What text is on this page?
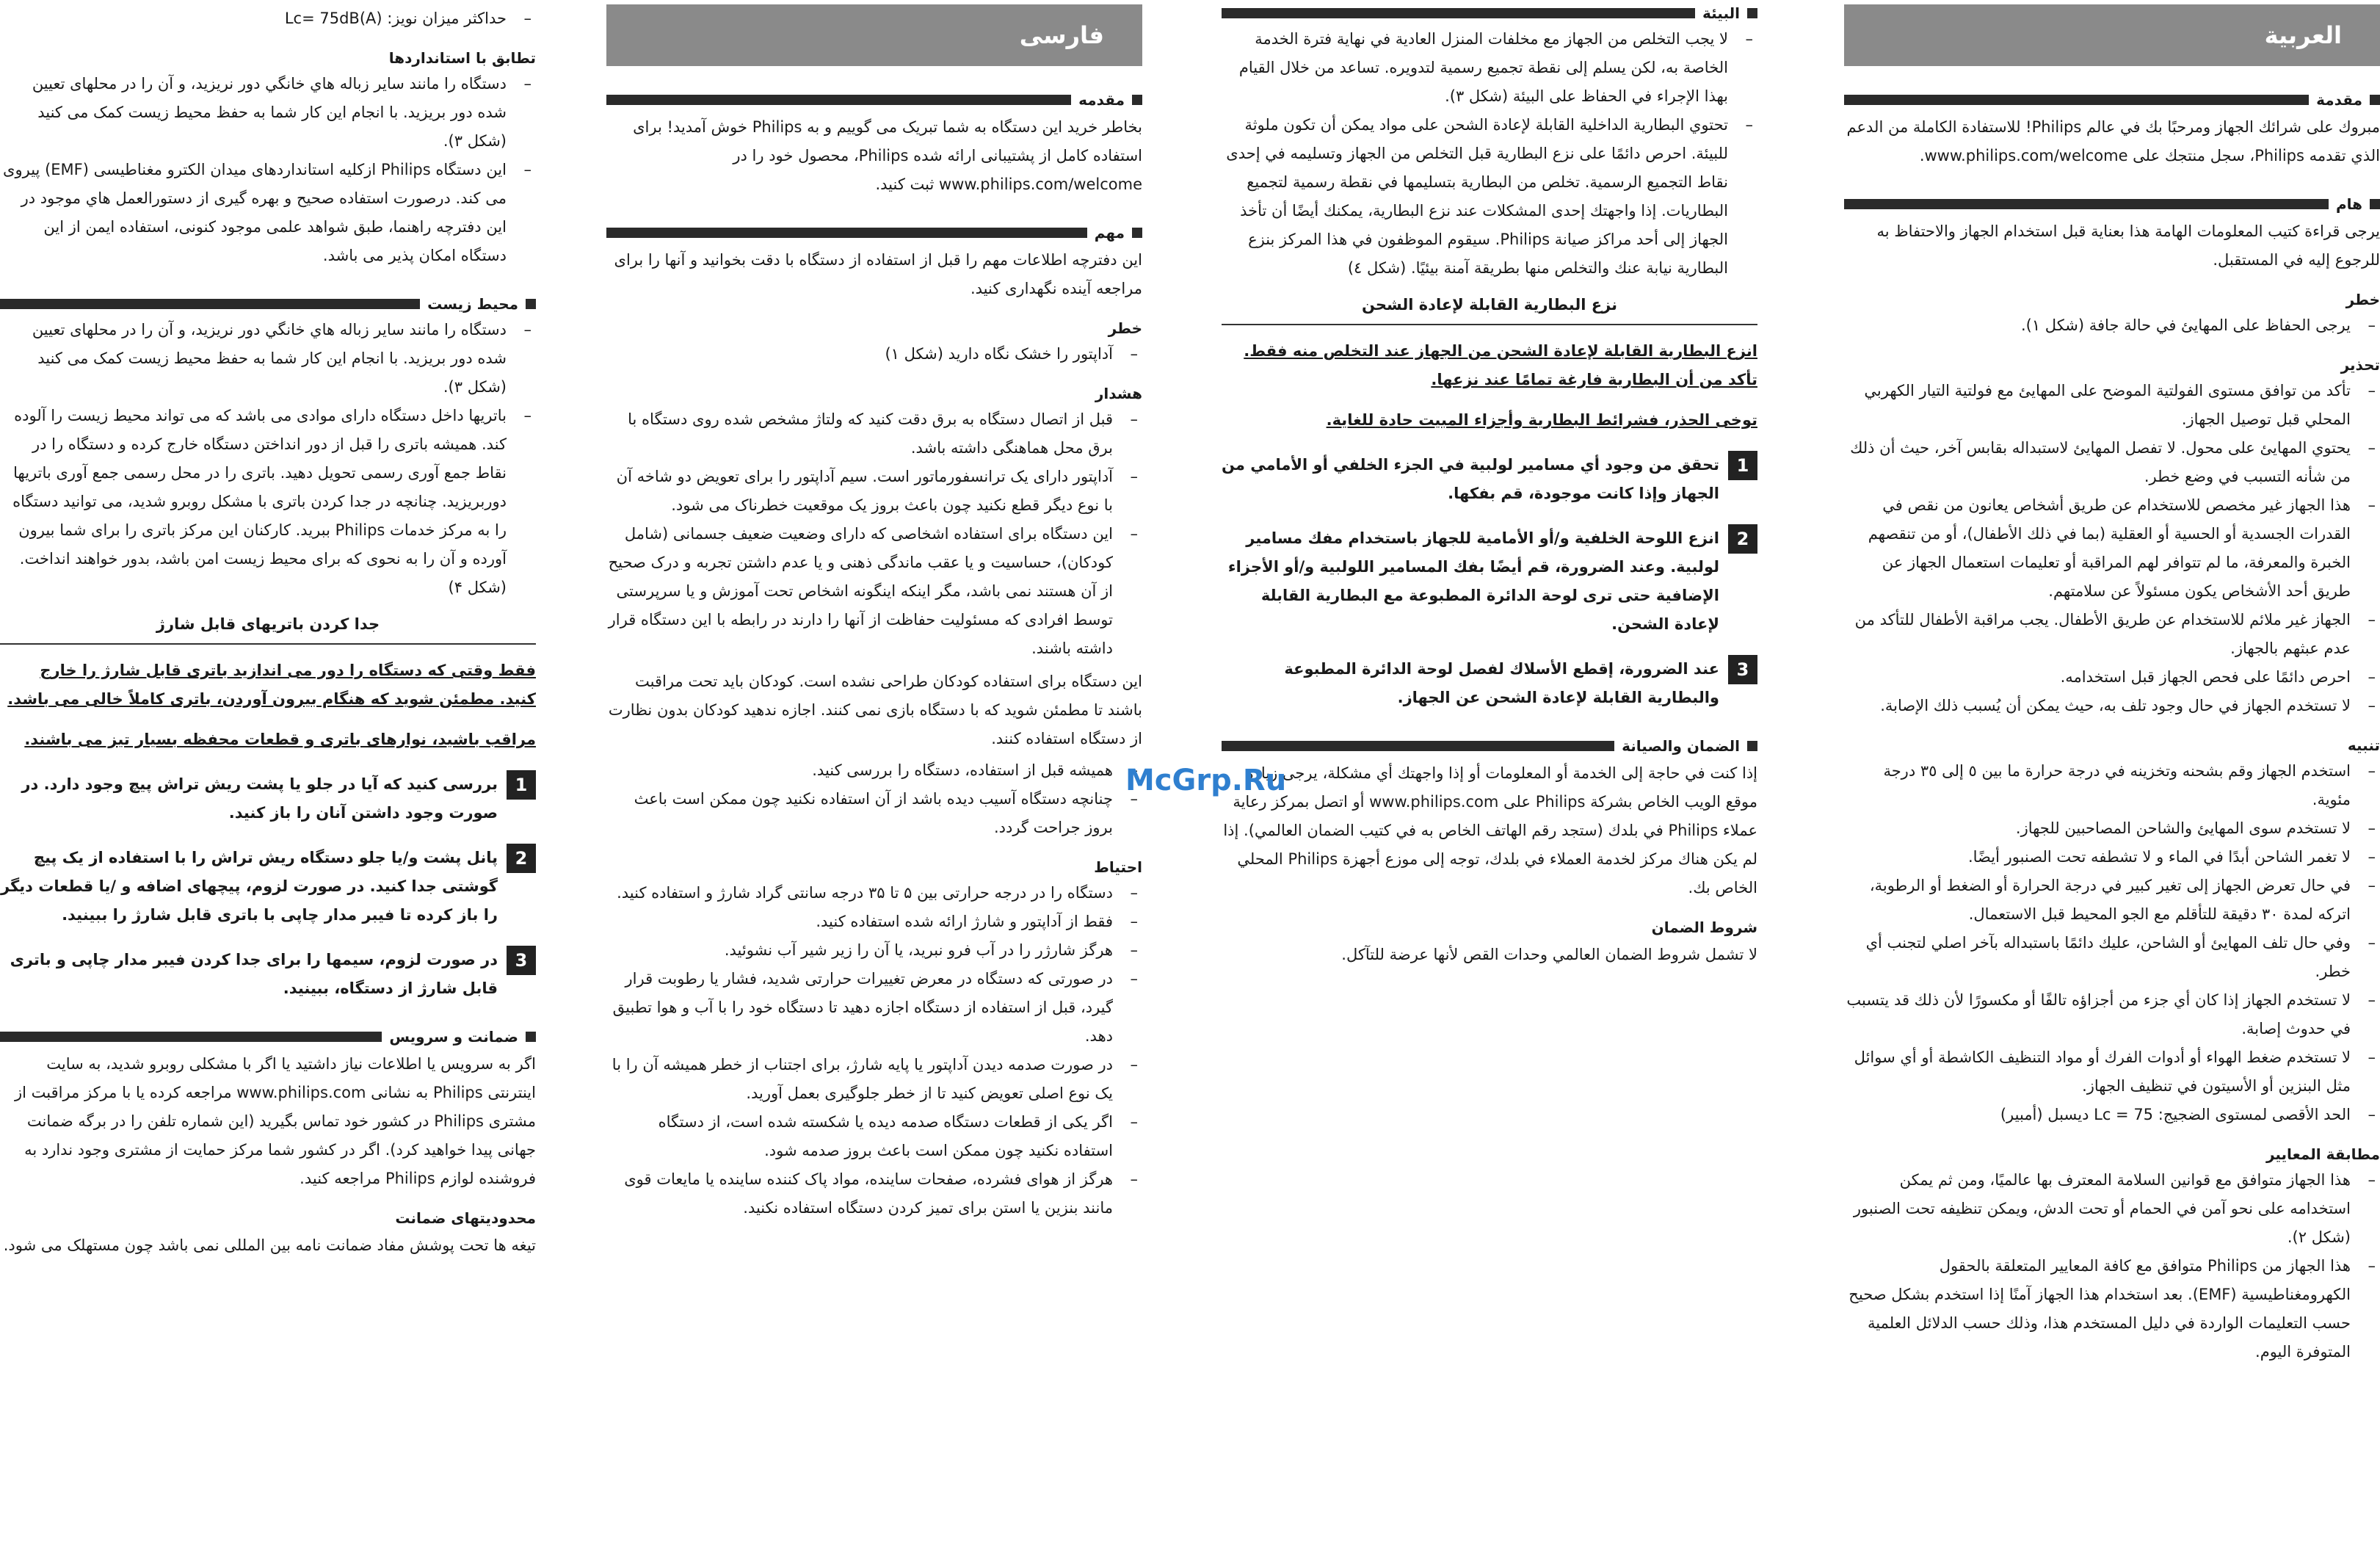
– حداکثر میزان نویز: Lc= 75dB(A)
تطابق با استانداردها
– دستگاه را مانند سایر زباله هاي خانگي دور نريزيد، و آن را در محلهای تعیین شده دور بریزید. با انجام این کار شما به حفظ محیط زیست کمک می کنید (شکل ۳).
– این دستگاه Philips ازکلیه استانداردهای میدان الکترو مغناطیسی (EMF) پیروی می کند. درصورت استفاده صحیح و بهره گیری از دستورالعمل هاي موجود در این دفترچه راهنما، طبق شواهد علمی موجود کنونی، استفاده ایمن از این دستگاه امکان پذیر می باشد.
محیط زیست
– دستگاه را مانند سایر زباله هاي خانگي دور نريزيد، و آن را در محلهای تعیین شده دور بریزید. با انجام این کار شما به حفظ محیط زیست کمک می کنید (شکل ۳).
– باتریها داخل دستگاه دارای موادی می باشد که می تواند محیط زیست را آلوده کند. همیشه باتری را قبل از دور انداختن دستگاه خارج کرده و دستگاه را در نقاط جمع آوری رسمی تحویل دهید. باتری را در محل رسمی جمع آوری باتریها دوربریزید. چنانچه در جدا کردن باتری با مشکل روبرو شدید، می توانید دستگاه را به مرکز خدمات Philips ببرید. کارکنان این مرکز باتری را برای شما بیرون آورده و آن را به نحوی که برای محیط زیست امن باشد، بدور خواهند انداخت. (شکل ۴)
جدا کردن باتریهای قابل شارژ
فقط وقتی که دستگاه را دور می اندازید باتری قابل شارژ را خارج کنید. مطمئن شوید که هنگام بیرون آوردن، باتری کاملاً خالی می باشد.
مراقب باشید، نوارهای باتری و قطعات محفظه بسیار تیز می باشند.
1
بررسی کنید که آیا در جلو یا پشت ریش تراش پیچ وجود دارد. در صورت وجود داشتن آنان را باز کنید.
2
پانل پشت و/یا جلو دستگاه ریش تراش را با استفاده از یک پیچ گوشتی جدا کنید. در صورت لزوم، پیچهای اضافه و /یا قطعات دیگر را باز کرده تا فیبر مدار چاپی با باتری قابل شارژ را ببینید.
3
در صورت لزوم، سیمها را برای جدا کردن فیبر مدار چاپی و باتری قابل شارژ از دستگاه، ببینید.
ضمانت و سرویس

اگر به سرویس یا اطلاعات نیاز داشتید یا اگر با مشکلی روبرو شدید، به سایت اینترنتی Philips به نشانی www.philips.com مراجعه کرده یا با مرکز مراقبت از مشتری Philips در کشور خود تماس بگیرید (این شماره تلفن را در برگه ضمانت جهانی پیدا خواهید کرد). اگر در کشور شما مرکز حمایت از مشتری وجود ندارد به فروشنده لوازم Philips مراجعه کنید.

محدودیتهای ضمانت

تیغه ها تحت پوشش مفاد ضمانت نامه بین المللی نمی باشد چون مستهلک می شود.

فارسی
مقدمه

بخاطر خرید این دستگاه به شما تبریک می گوییم و به Philips خوش آمدید! برای استفاده کامل از پشتیبانی ارائه شده Philips، محصول خود را در www.philips.com/welcome ثبت کنید.

مهم

این دفترچه اطلاعات مهم را قبل از استفاده از دستگاه با دقت بخوانید و آنها را برای مراجعه آینده نگهداری کنید.

خطر
– آداپتور را خشک نگاه دارید (شکل ۱)
هشدار
– قبل از اتصال دستگاه به برق دقت کنید که ولتاژ مشخص شده روی دستگاه با برق محل هماهنگی داشته باشد.
– آداپتور دارای یک ترانسفورماتور است. سیم آداپتور را برای تعویض دو شاخه آن با نوع دیگر قطع نکنید چون باعث بروز یک موقعیت خطرناک می شود.
– این دستگاه برای استفاده اشخاصی که دارای وضعیت ضعیف جسمانی (شامل کودکان)، حساسیت و یا عقب ماندگی ذهنی و یا عدم داشتن تجربه و درک صحیح از آن هستند نمی باشد، مگر اینکه اینگونه اشخاص تحت آموزش و یا سرپرستی توسط افرادی که مسئولیت حفاظت از آنها را دارند در رابطه با این دستگاه قرار داشته باشند.

این دستگاه برای استفاده کودکان طراحی نشده است. کودکان باید تحت مراقبت باشند تا مطمئن شوید که با دستگاه بازی نمی کنند. اجازه ندهید کودکان بدون نظارت از دستگاه استفاده کنند.

– همیشه قبل از استفاده، دستگاه را بررسی کنید.
– چنانچه دستگاه آسیب دیده باشد از آن استفاده نکنید چون ممکن است باعث بروز جراحت گردد.
احتیاط
– دستگاه را در درجه حرارتی بین ۵ تا ۳۵ درجه سانتی گراد شارژ و استفاده کنید.
– فقط از آداپتور و شارژ ارائه شده استفاده کنید.
– هرگز شارژر را در آب فرو نبرید، یا آن را زیر شیر آب نشوئید.
– در صورتی که دستگاه در معرض تغییرات حرارتی شدید، فشار یا رطوبت قرار گیرد، قبل از استفاده از دستگاه اجازه دهید تا دستگاه خود را با آب و هوا تطبیق دهد.
– در صورت صدمه دیدن آداپتور یا پایه شارژ، برای اجتناب از خطر همیشه آن را با یک نوع اصلی تعویض کنید تا از خطر جلوگیری بعمل آورید.
– اگر یکی از قطعات دستگاه صدمه دیده یا شکسته شده است، از دستگاه استفاده نکنید چون ممکن است باعث بروز صدمه شود.
– هرگز از هوای فشرده، صفحات ساینده، مواد پاک کننده ساینده یا مایعات قوی مانند بنزین یا استن برای تمیز کردن دستگاه استفاده نکنید.
البيئة
– لا يجب التخلص من الجهاز مع مخلفات المنزل العادية في نهاية فترة الخدمة الخاصة به، لكن يسلم إلى نقطة تجميع رسمية لتدويره. تساعد من خلال القيام بهذا الإجراء في الحفاظ على البيئة (شكل ٣).
– تحتوي البطارية الداخلية القابلة لإعادة الشحن على مواد يمكن أن تكون ملوثة للبيئة. احرص دائمًا على نزع البطارية قبل التخلص من الجهاز وتسليمه في إحدى نقاط التجميع الرسمية. تخلص من البطارية بتسليمها في نقطة رسمية لتجميع البطاريات. إذا واجهتك إحدى المشكلات عند نزع البطارية، يمكنك أيضًا أن تأخذ الجهاز إلى أحد مراكز صيانة Philips. سيقوم الموظفون في هذا المركز بنزع البطارية نيابة عنك والتخلص منها بطريقة آمنة بيئيًا. (شكل ٤)
نزع البطارية القابلة لإعادة الشحن
انزع البطارية القابلة لإعادة الشحن من الجهاز عند التخلص منه فقط. تأكد من أن البطارية فارغة تمامًا عند نزعها.
توخى الحذر، فشرائط البطارية وأجزاء المبيت حادة للغاية.
1
تحقق من وجود أي مسامير لولبية في الجزء الخلفي أو الأمامي من الجهاز وإذا كانت موجودة، قم بفكها.
2
انزع اللوحة الخلفية و/أو الأمامية للجهاز باستخدام مفك مسامير لولبية. وعند الضرورة، قم أيضًا بفك المسامير اللولبية و/أو الأجزاء الإضافية حتى ترى لوحة الدائرة المطبوعة مع البطارية القابلة لإعادة الشحن.
3
عند الضرورة، إقطع الأسلاك لفصل لوحة الدائرة المطبوعة والبطارية القابلة لإعادة الشحن عن الجهاز.
الضمان والصيانة

إذا كنت في حاجة إلى الخدمة أو المعلومات أو إذا واجهتك أي مشكلة، يرجى زيارة موقع الويب الخاص بشركة Philips على www.philips.com أو اتصل بمركز رعاية عملاء Philips في بلدك (ستجد رقم الهاتف الخاص به في كتيب الضمان العالمي). إذا لم يكن هناك مركز لخدمة العملاء في بلدك، توجه إلى موزع أجهزة Philips المحلي الخاص بك.

شروط الضمان

لا تشمل شروط الضمان العالمي وحدات القص لأنها عرضة للتآكل.

العربية
مقدمة

مبروك على شرائك الجهاز ومرحبًا بك في عالم Philips! للاستفادة الكاملة من الدعم الذي تقدمه Philips، سجل منتجك على www.philips.com/welcome.

هام

يرجى قراءة كتيب المعلومات الهامة هذا بعناية قبل استخدام الجهاز والاحتفاظ به للرجوع إليه في المستقبل.

خطر
– يرجى الحفاظ على المهايئ في حالة جافة (شكل ١).
تحذير
– تأكد من توافق مستوى الفولتية الموضح على المهايئ مع فولتية التيار الكهربي المحلي قبل توصيل الجهاز.
– يحتوي المهايئ على محول. لا تفصل المهايئ لاستبداله بقابس آخر، حيث أن ذلك من شأنه التسبب في وضع خطر.
– هذا الجهاز غير مخصص للاستخدام عن طريق أشخاص يعانون من نقص في القدرات الجسدية أو الحسية أو العقلية (بما في ذلك الأطفال)، أو من تنقصهم الخبرة والمعرفة، ما لم تتوافر لهم المراقبة أو تعليمات استعمال الجهاز عن طريق أحد الأشخاص يكون مسئولاً عن سلامتهم.
– الجهاز غير ملائم للاستخدام عن طريق الأطفال. يجب مراقبة الأطفال للتأكد من عدم عبثهم بالجهاز.
– احرص دائمًا على فحص الجهاز قبل استخدامه.
– لا تستخدم الجهاز في حال وجود تلف به، حيث يمكن أن يُسبب ذلك الإصابة.
تنبيه
– استخدم الجهاز وقم بشحنه وتخزينه في درجة حرارة ما بين ٥ إلى ٣٥ درجة مئوية.
– لا تستخدم سوى المهايئ والشاحن المصاحبين للجهاز.
– لا تغمر الشاحن أبدًا في الماء و لا تشطفه تحت الصنبور أيضًا.
– في حال تعرض الجهاز إلى تغير كبير في درجة الحرارة أو الضغط أو الرطوبة، اتركه لمدة ٣٠ دقيقة للتأقلم مع الجو المحيط قبل الاستعمال.
– وفي حال تلف المهايئ أو الشاحن، عليك دائمًا باستبداله بآخر اصلي لتجنب أي خطر.
– لا تستخدم الجهاز إذا كان أي جزء من أجزاؤه تالفًا أو مكسورًا لأن ذلك قد يتسبب في حدوث إصابة.
– لا تستخدم ضغط الهواء أو أدوات الفرك أو مواد التنظيف الكاشطة أو أي سوائل مثل البنزين أو الأسيتون في تنظيف الجهاز.
– الحد الأقصى لمستوى الضجيج: Lc = 75 ديسبل (أمبير)
مطابقة المعايير
– هذا الجهاز متوافق مع قوانين السلامة المعترف بها عالميًا، ومن ثم يمكن استخدامه على نحو آمن في الحمام أو تحت الدش، ويمكن تنظيفه تحت الصنبور (شكل ٢).
– هذا الجهاز من Philips متوافق مع كافة المعايير المتعلقة بالحقول الكهرومغناطيسية (EMF). بعد استخدام هذا الجهاز آمنًا إذا استخدم بشكل صحيح حسب التعليمات الواردة في دليل المستخدم هذا، وذلك حسب الدلائل العلمية المتوفرة اليوم.
McGrp.Ru
